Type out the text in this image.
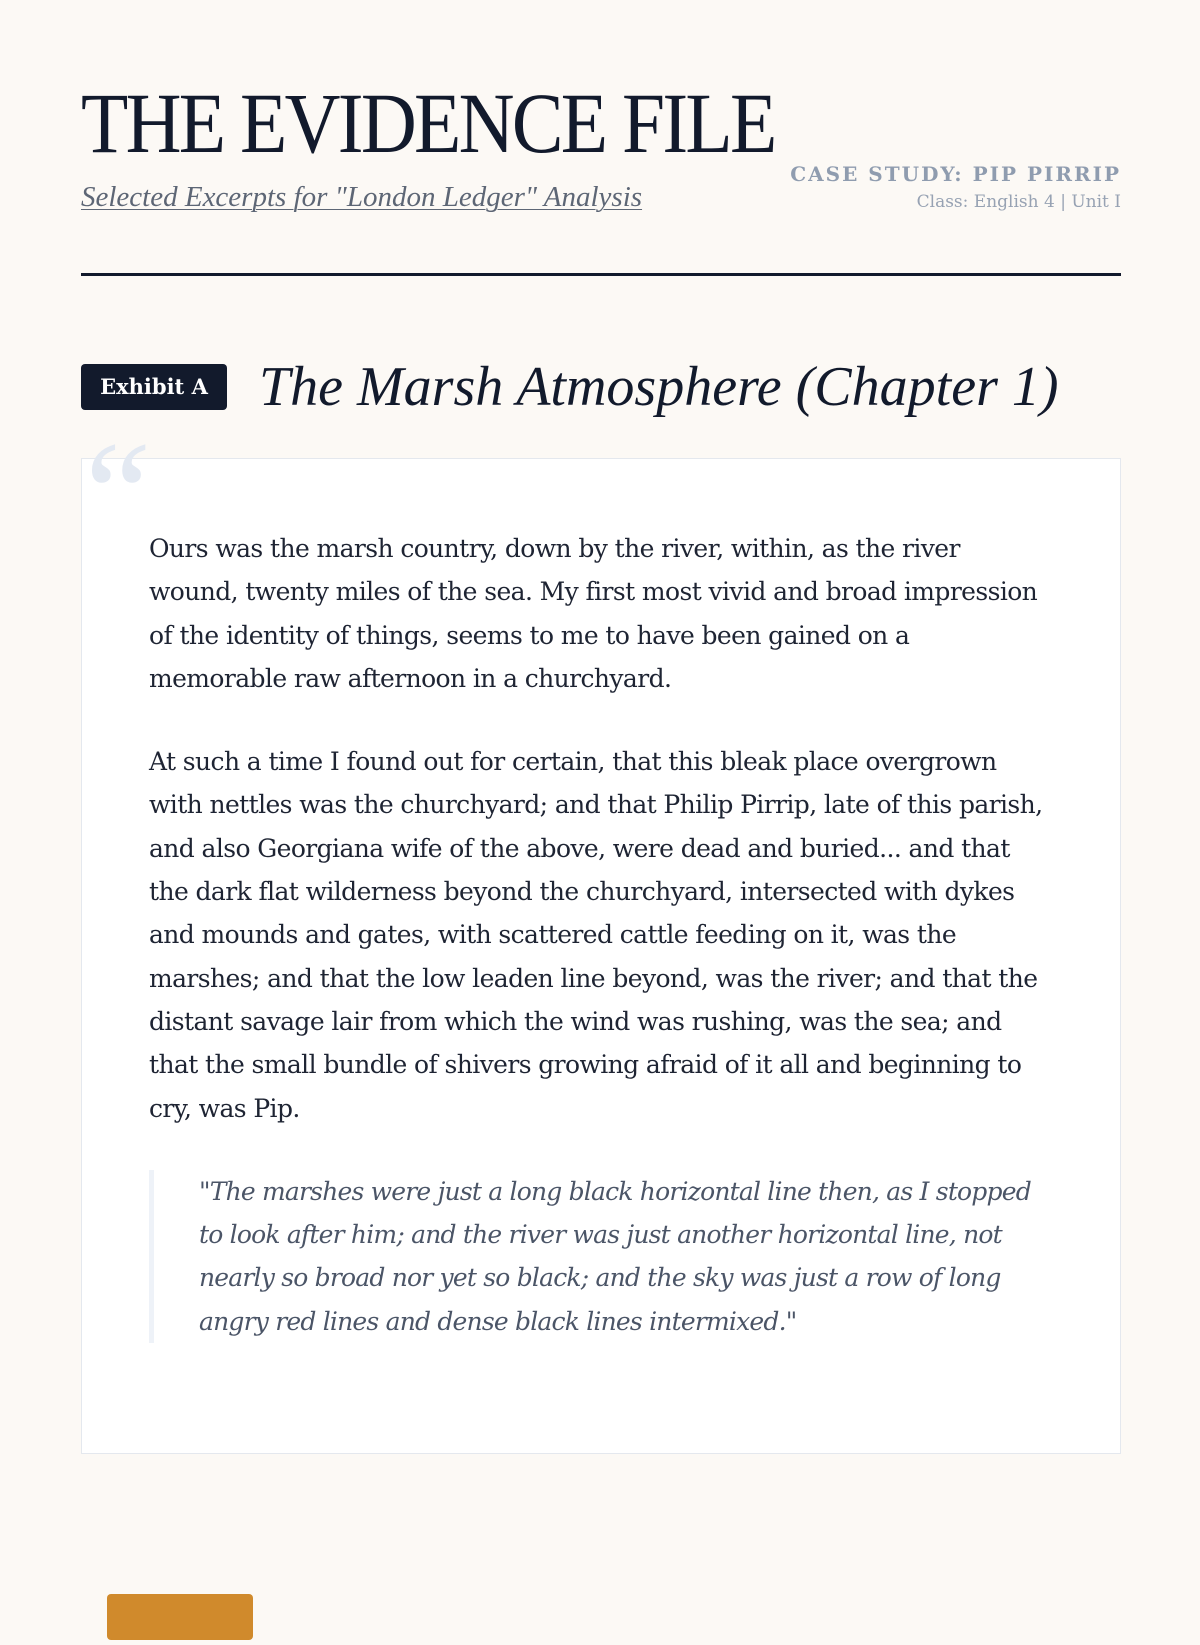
THE EVIDENCE FILE
Selected Excerpts for "London Ledger" Analysis
CASE STUDY: PIP PIRRIP
Class: English 4 | Unit I
Exhibit A The Marsh Atmosphere (Chapter 1)
“

Ours was the marsh country, down by the river, within, as the river wound, twenty miles of the sea. My first most vivid and broad impression of the identity of things, seems to me to have been gained on a memorable raw afternoon in a churchyard.

At such a time I found out for certain, that this bleak place overgrown with nettles was the churchyard; and that Philip Pirrip, late of this parish, and also Georgiana wife of the above, were dead and buried... and that the dark flat wilderness beyond the churchyard, intersected with dykes and mounds and gates, with scattered cattle feeding on it, was the marshes; and that the low leaden line beyond, was the river; and that the distant savage lair from which the wind was rushing, was the sea; and that the small bundle of shivers growing afraid of it all and beginning to cry, was Pip.

"The marshes were just a long black horizontal line then, as I stopped to look after him; and the river was just another horizontal line, not nearly so broad nor yet so black; and the sky was just a row of long angry red lines and dense black lines intermixed."
